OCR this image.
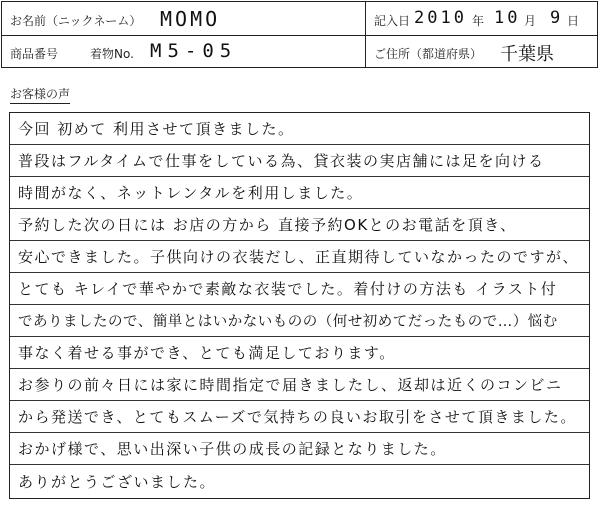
お名前（ニックネーム） MOMO	記入日 2010 年 10 月 9 日
商品番号	着物No. M5-05	ご住所（都道府県） 千葉県
お客様の声
今回 初めて 利用させて頂きました。
普段はフルタイムで仕事をしている為、貸衣装の実店舗には足を向ける
時間がなく、ネットレンタルを利用しました。
予約した次の日には お店の方から 直接予約OKとのお電話を頂き、
安心できました。子供向けの衣装だし、正直期待していなかったのですが、
とても キレイで華やかで素敵な衣装でした。着付けの方法も イラスト付
でありましたので、簡単とはいかないものの（何せ初めてだったもので…）悩む
事なく着せる事ができ、とても満足しております。
お参りの前々日には家に時間指定で届きましたし、返却は近くのコンビニ
から発送でき、とてもスムーズで気持ちの良いお取引をさせて頂きました。
おかげ様で、思い出深い子供の成長の記録となりました。
ありがとうございました。
